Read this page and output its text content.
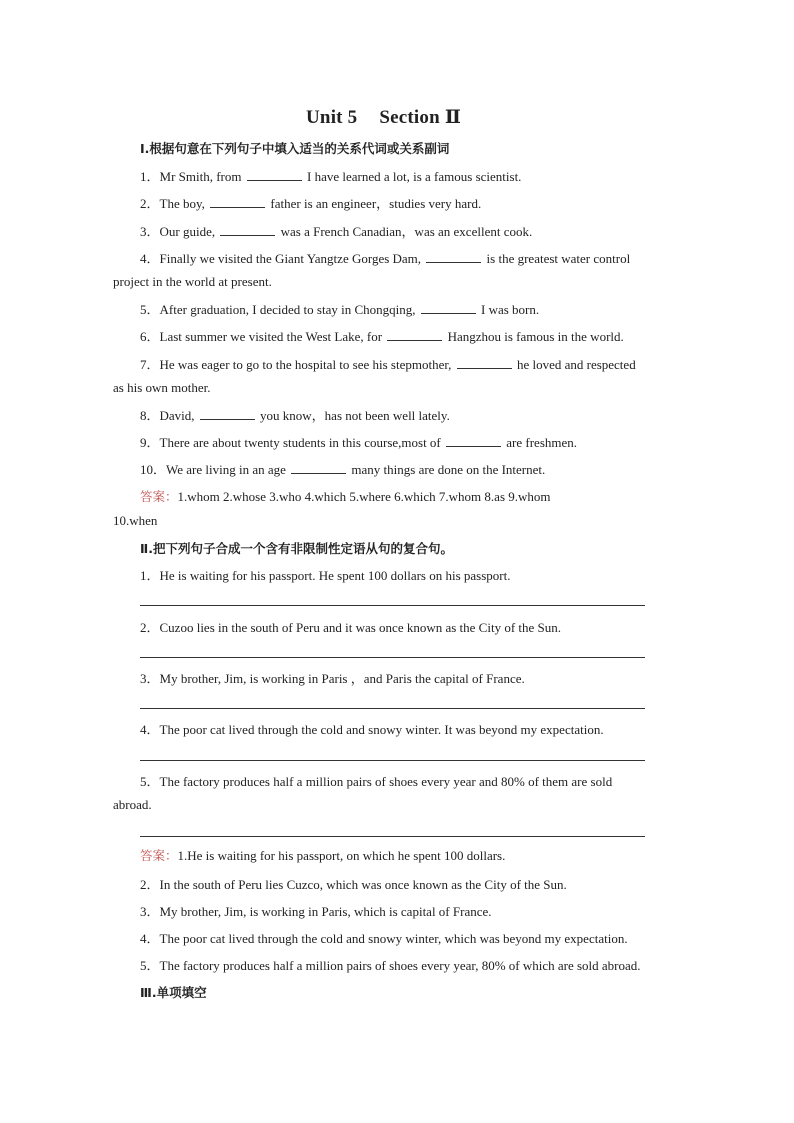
Unit 5 Section Ⅱ
Ⅰ.根据句意在下列句子中填入适当的关系代词或关系副词
1．Mr Smith, from	I have learned a lot, is a famous scientist.
2．The boy,	father is an engineer，studies very hard.
3．Our guide,	was a French Canadian，was an excellent cook.
4．Finally we visited the Giant Yangtze Gorges Dam,	is the greatest water control
project in the world at present.
5．After graduation, I decided to stay in Chongqing,	I was born.
6．Last summer we visited the West Lake, for	Hangzhou is famous in the world.
7．He was eager to go to the hospital to see his stepmother,	he loved and respected
as his own mother.
8．David,	you know，has not been well lately.
9．There are about twenty students in this course,most of	are freshmen.
10．We are living in an age	many things are done on the Internet.
答案：1.whom 2.whose 3.who 4.which 5.where 6.which 7.whom 8.as 9.whom
10.when
Ⅱ.把下列句子合成一个含有非限制性定语从句的复合句。
1．He is waiting for his passport. He spent 100 dollars on his passport.
2．Cuzoo lies in the south of Peru and it was once known as the City of the Sun.
3．My brother, Jim, is working in Paris ，and Paris the capital of France.
4．The poor cat lived through the cold and snowy winter. It was beyond my expectation.
5．The factory produces half a million pairs of shoes every year and 80% of them are sold
abroad.
答案：1.He is waiting for his passport, on which he spent 100 dollars.
2．In the south of Peru lies Cuzco, which was once known as the City of the Sun.
3．My brother, Jim, is working in Paris, which is capital of France.
4．The poor cat lived through the cold and snowy winter, which was beyond my expectation.
5．The factory produces half a million pairs of shoes every year, 80% of which are sold abroad.
Ⅲ.单项填空
